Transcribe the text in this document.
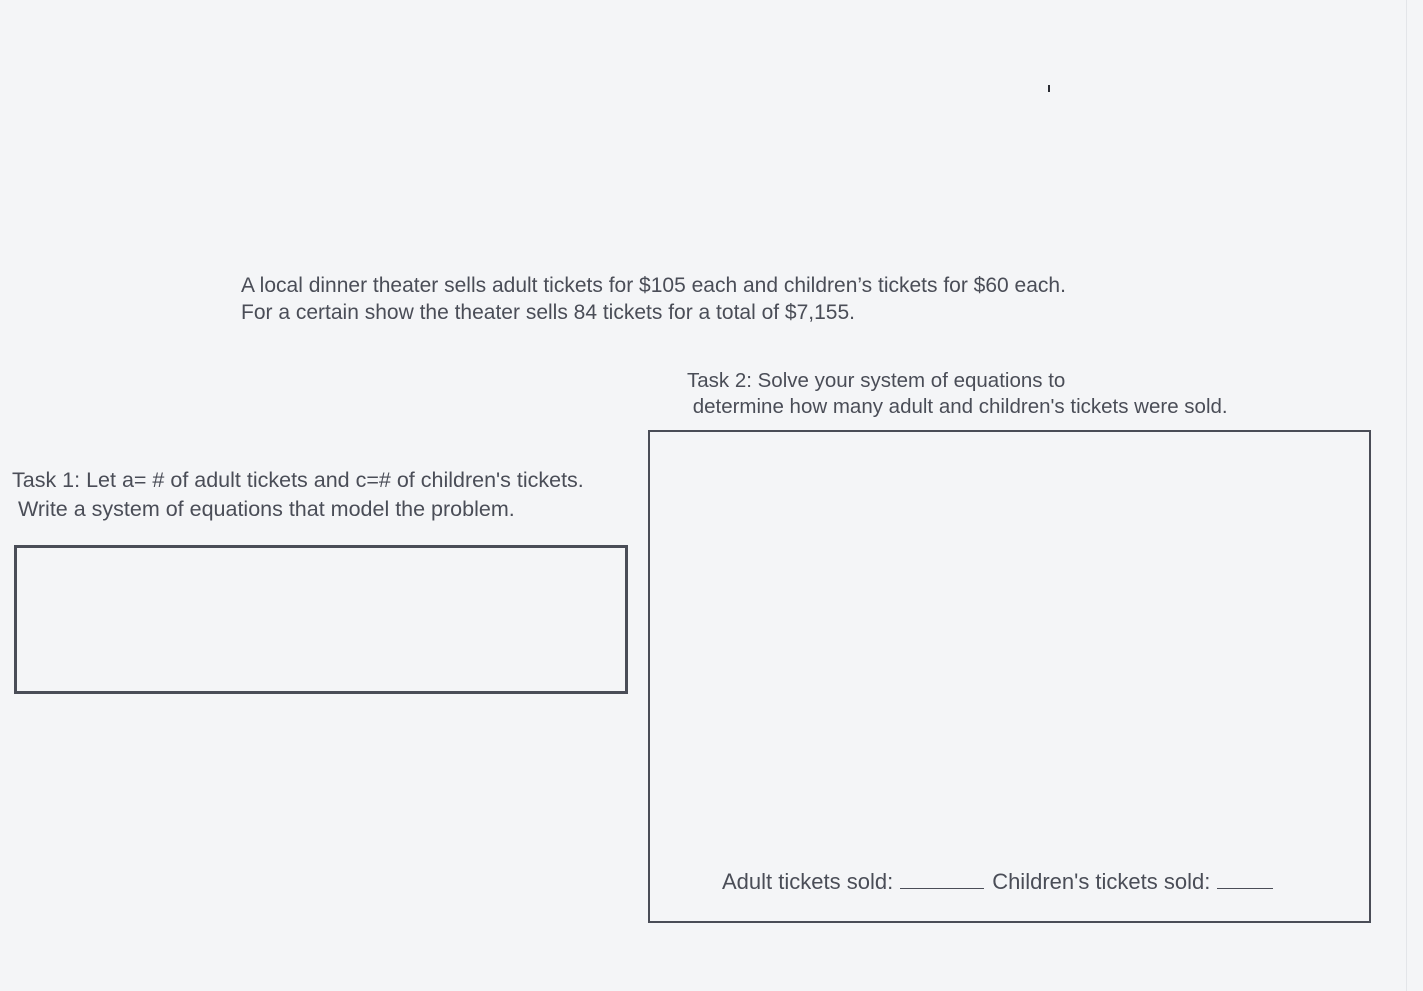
A local dinner theater sells adult tickets for $105 each and children’s tickets for $60 each.
For a certain show the theater sells 84 tickets for a total of $7,155.
Task 2: Solve your system of equations to
determine how many adult and children's tickets were sold.
Task 1: Let a= # of adult tickets and c=# of children's tickets.
Write a system of equations that model the problem.
Adult tickets sold:	Children's tickets sold:
